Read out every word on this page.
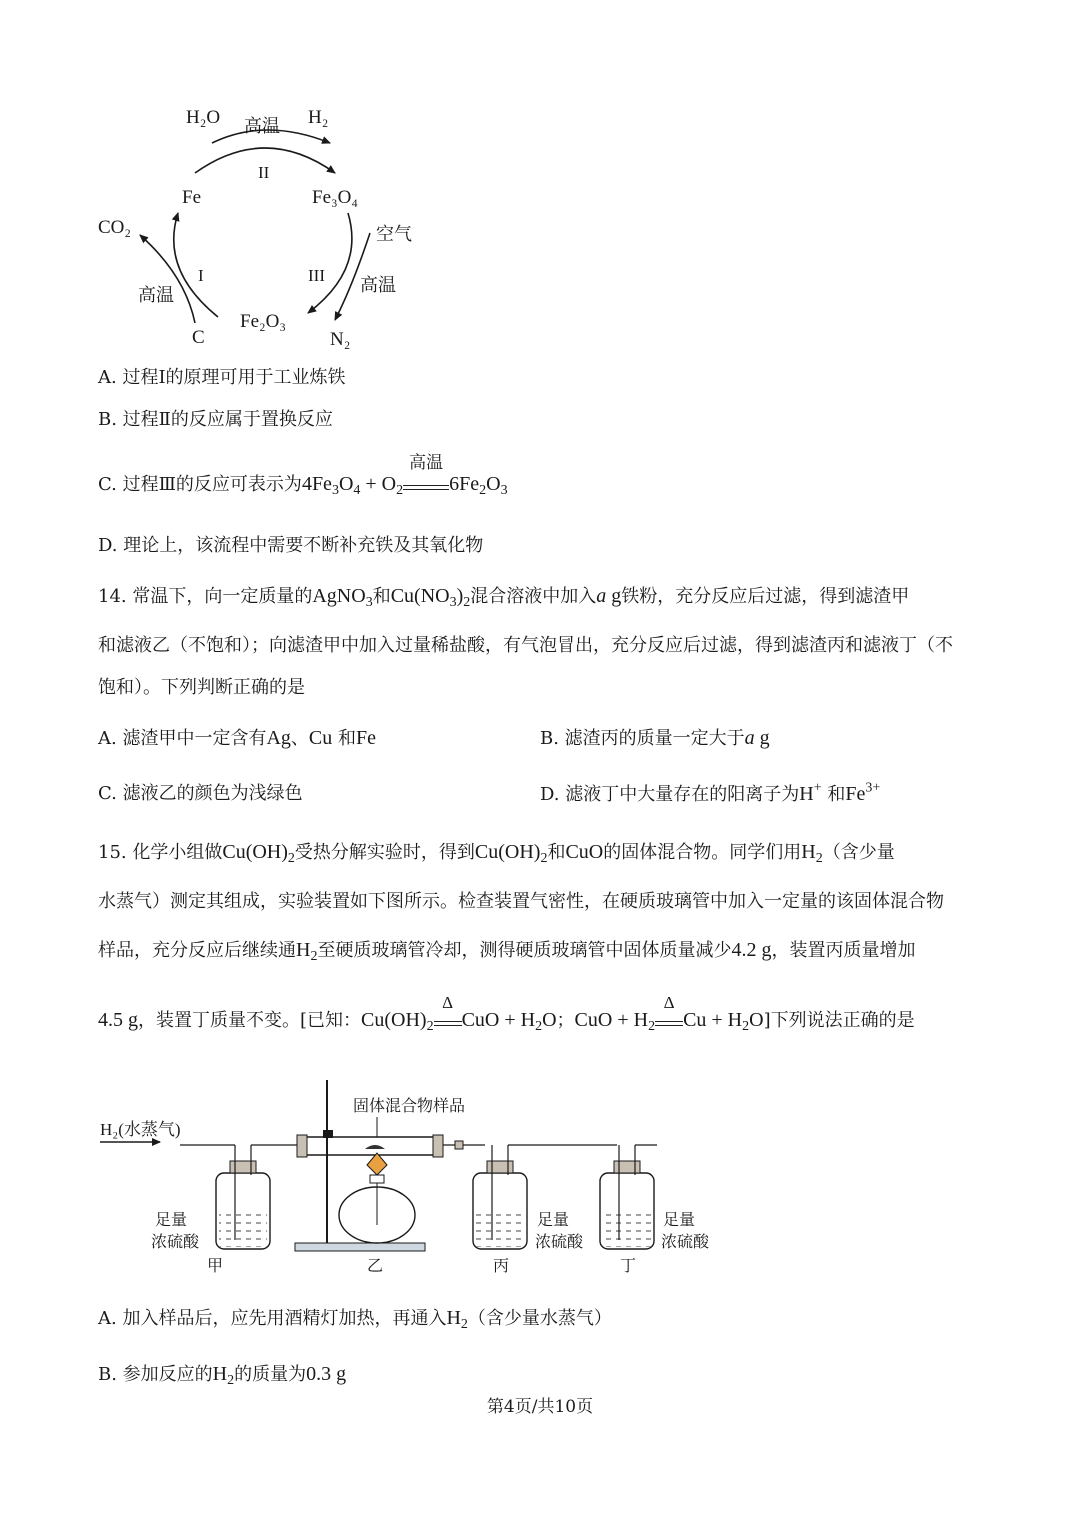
H₂O 高温 H₂
II
Fe	Fe₃O₄
CO₂	空气
I	III
高温	高温
Fe₂O₃
C	N₂
A. 过程Ⅰ的原理可用于工业炼铁
B. 过程Ⅱ的反应属于置换反应
C. 过程Ⅲ的反应可表示为$4Fe_3O_4 + O_2$
高温
$6Fe_2O_3$
D. 理论上，该流程中需要不断补充铁及其氧化物
14. 常温下，向一定质量的AgNO$_3$和$Cu(NO_3)_2$混合溶液中加入a g铁粉，充分反应后过滤，得到滤渣甲
和滤液乙（不饱和）；向滤渣甲中加入过量稀盐酸，有气泡冒出，充分反应后过滤，得到滤渣丙和滤液丁（不
饱和）。下列判断正确的是
A. 滤渣甲中一定含有Ag、Cu 和Fe	B. 滤渣丙的质量一定大于a g
C. 滤液乙的颜色为浅绿色	D. 滤液丁中大量存在的阳离子为H+ 和$Fe^{3+}$
15. 化学小组做$Cu(OH)_2$受热分解实验时，得到$Cu(OH)_2$和CuO的固体混合物。同学们用$H_2$（含少量
水蒸气）测定其组成，实验装置如下图所示。检查装置气密性，在硬质玻璃管中加入一定量的该固体混合物
样品，充分反应后继续通$H_2$至硬质玻璃管冷却，测得硬质玻璃管中固体质量减少4.2 g，装置丙质量增加
4.5 g，装置丁质量不变。[已知：$Cu(OH)_2$
Δ
CuO + $H_2O$；CuO + $H_2$
Δ
$Cu + H_2O$]下列说法正确的是
H₂(水蒸气)
足量
浓硫酸
甲
固体混合物样品
乙
足量
浓硫酸
丙
足量
浓硫酸
丁
A. 加入样品后，应先用酒精灯加热，再通入$H_2$（含少量水蒸气）
B. 参加反应的$H_2$的质量为0.3 g
第4页/共10页
